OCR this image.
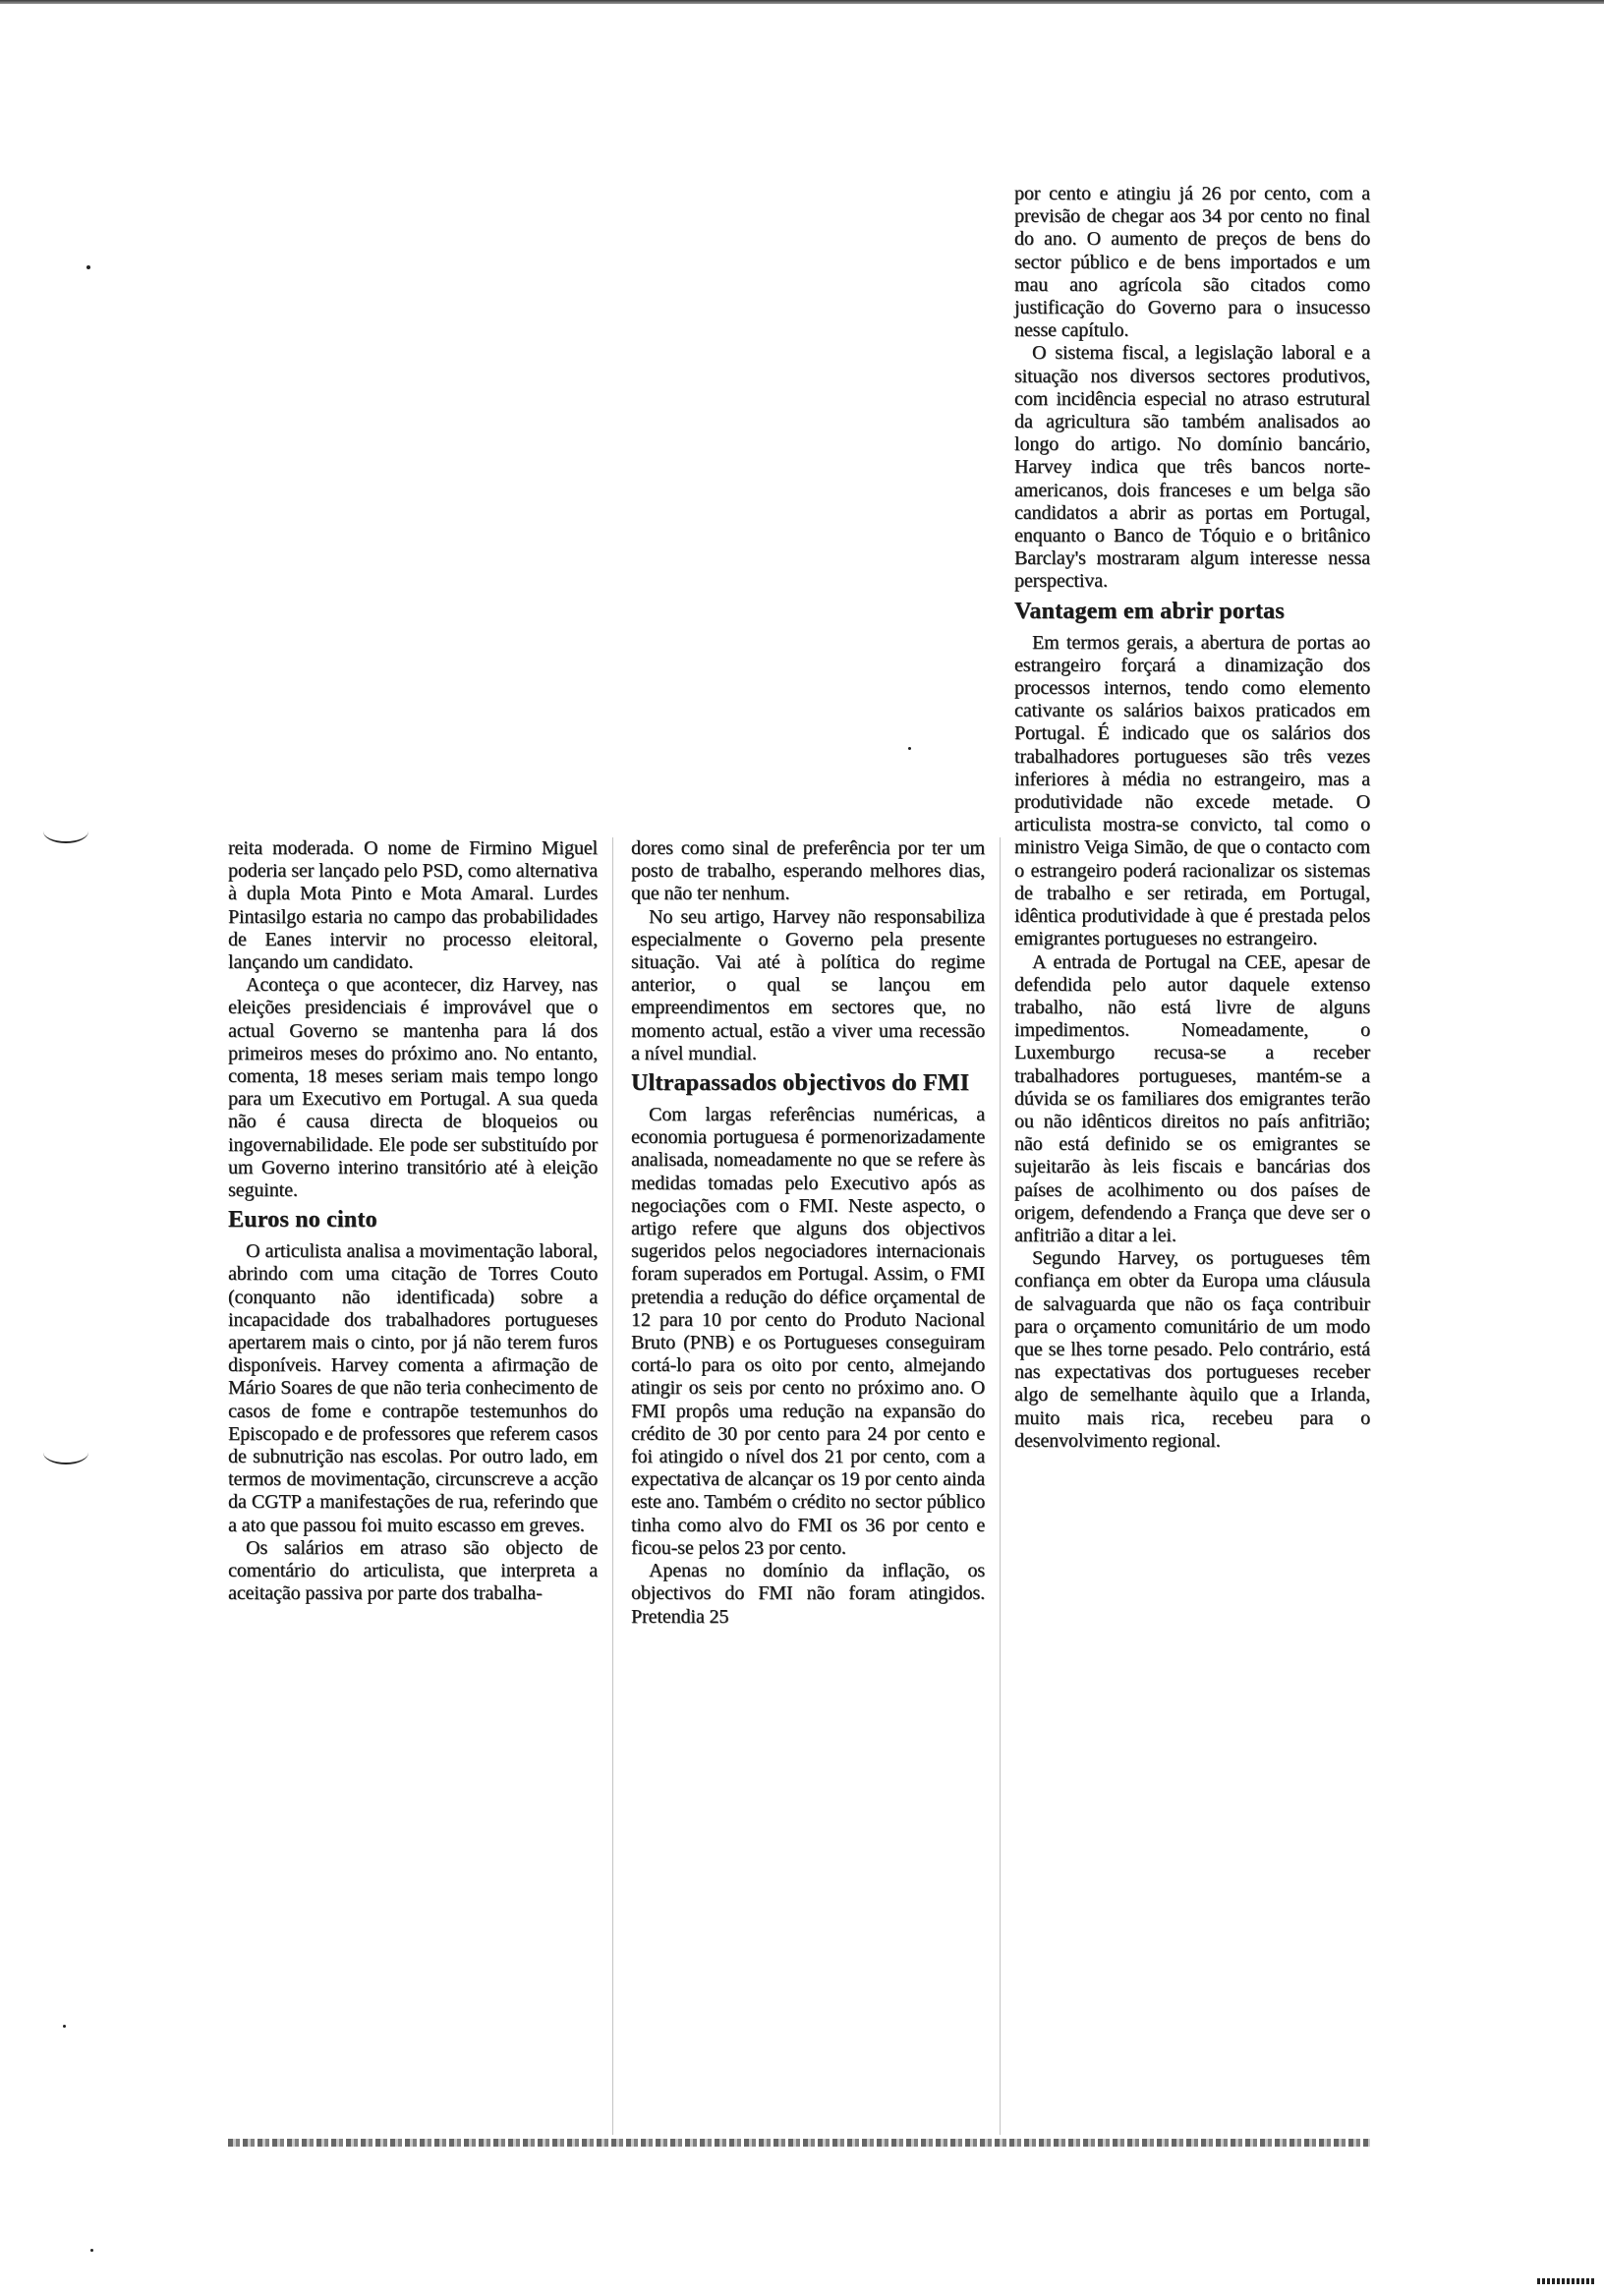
reita moderada. O nome de Firmino Miguel poderia ser lançado pelo PSD, como alternativa à dupla Mota Pinto e Mota Amaral. Lurdes Pintasilgo estaria no campo das probabilidades de Eanes intervir no processo eleitoral, lançando um candidato.

Aconteça o que acontecer, diz Harvey, nas eleições presidenciais é improvável que o actual Governo se mantenha para lá dos primeiros meses do próximo ano. No entanto, comenta, 18 meses seriam mais tempo longo para um Executivo em Portugal. A sua queda não é causa directa de bloqueios ou ingovernabilidade. Ele pode ser substituído por um Governo interino transitório até à eleição seguinte.

Euros no cinto

O articulista analisa a movimentação laboral, abrindo com uma citação de Torres Couto (conquanto não identificada) sobre a incapacidade dos trabalhadores portugueses apertarem mais o cinto, por já não terem furos disponíveis. Harvey comenta a afirmação de Mário Soares de que não teria conhecimento de casos de fome e contrapõe testemunhos do Episcopado e de professores que referem casos de subnutrição nas escolas. Por outro lado, em termos de movimentação, circunscreve a acção da CGTP a manifestações de rua, referindo que a ato que passou foi muito escasso em greves.

Os salários em atraso são objecto de comentário do articulista, que interpreta a aceitação passiva por parte dos trabalha-

dores como sinal de preferência por ter um posto de trabalho, esperando melhores dias, que não ter nenhum.

No seu artigo, Harvey não responsabiliza especialmente o Governo pela presente situação. Vai até à política do regime anterior, o qual se lançou em empreendimentos em sectores que, no momento actual, estão a viver uma recessão a nível mundial.

Ultrapassados objectivos do FMI

Com largas referências numéricas, a economia portuguesa é pormenorizadamente analisada, nomeadamente no que se refere às medidas tomadas pelo Executivo após as negociações com o FMI. Neste aspecto, o artigo refere que alguns dos objectivos sugeridos pelos negociadores internacionais foram superados em Portugal. Assim, o FMI pretendia a redução do défice orçamental de 12 para 10 por cento do Produto Nacional Bruto (PNB) e os Portugueses conseguiram cortá-lo para os oito por cento, almejando atingir os seis por cento no próximo ano. O FMI propôs uma redução na expansão do crédito de 30 por cento para 24 por cento e foi atingido o nível dos 21 por cento, com a expectativa de alcançar os 19 por cento ainda este ano. Também o crédito no sector público tinha como alvo do FMI os 36 por cento e ficou-se pelos 23 por cento.

Apenas no domínio da inflação, os objectivos do FMI não foram atingidos. Pretendia 25

por cento e atingiu já 26 por cento, com a previsão de chegar aos 34 por cento no final do ano. O aumento de preços de bens do sector público e de bens importados e um mau ano agrícola são citados como justificação do Governo para o insucesso nesse capítulo.

O sistema fiscal, a legislação laboral e a situação nos diversos sectores produtivos, com incidência especial no atraso estrutural da agricultura são também analisados ao longo do artigo. No domínio bancário, Harvey indica que três bancos norte-americanos, dois franceses e um belga são candidatos a abrir as portas em Portugal, enquanto o Banco de Tóquio e o britânico Barclay's mostraram algum interesse nessa perspectiva.

Vantagem em abrir portas

Em termos gerais, a abertura de portas ao estrangeiro forçará a dinamização dos processos internos, tendo como elemento cativante os salários baixos praticados em Portugal. É indicado que os salários dos trabalhadores portugueses são três vezes inferiores à média no estrangeiro, mas a produtividade não excede metade. O articulista mostra-se convicto, tal como o ministro Veiga Simão, de que o contacto com o estrangeiro poderá racionalizar os sistemas de trabalho e ser retirada, em Portugal, idêntica produtividade à que é prestada pelos emigrantes portugueses no estrangeiro.

A entrada de Portugal na CEE, apesar de defendida pelo autor daquele extenso trabalho, não está livre de alguns impedimentos. Nomeadamente, o Luxemburgo recusa-se a receber trabalhadores portugueses, mantém-se a dúvida se os familiares dos emigrantes terão ou não idênticos direitos no país anfitrião; não está definido se os emigrantes se sujeitarão às leis fiscais e bancárias dos países de acolhimento ou dos países de origem, defendendo a França que deve ser o anfitrião a ditar a lei.

Segundo Harvey, os portugueses têm confiança em obter da Europa uma cláusula de salvaguarda que não os faça contribuir para o orçamento comunitário de um modo que se lhes torne pesado. Pelo contrário, está nas expectativas dos portugueses receber algo de semelhante àquilo que a Irlanda, muito mais rica, recebeu para o desenvolvimento regional.
